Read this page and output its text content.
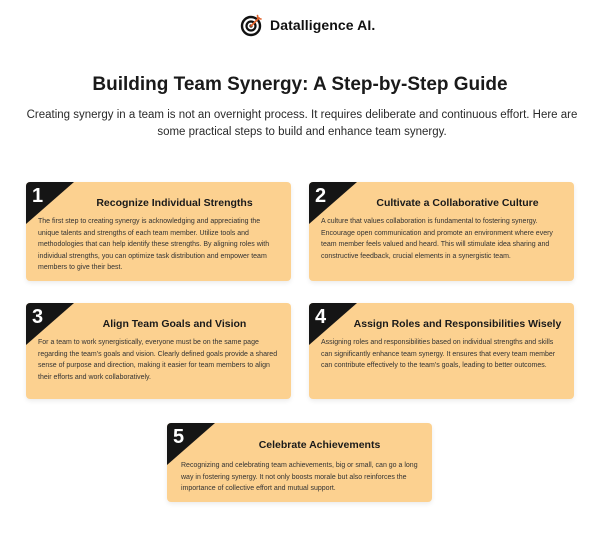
Datalligence AI.
Building Team Synergy: A Step-by-Step Guide

Creating synergy in a team is not an overnight process. It requires deliberate and continuous effort. Here are some practical steps to build and enhance team synergy.

1	Recognize Individual Strengths
The first step to creating synergy is acknowledging and appreciating the unique talents and strengths of each team member. Utilize tools and methodologies that can help identify these strengths. By aligning roles with individual strengths, you can optimize task distribution and empower team members to give their best.
2	Cultivate a Collaborative Culture
A culture that values collaboration is fundamental to fostering synergy. Encourage open communication and promote an environment where every team member feels valued and heard. This will stimulate idea sharing and constructive feedback, crucial elements in a synergistic team.
3	Align Team Goals and Vision
For a team to work synergistically, everyone must be on the same page regarding the team's goals and vision. Clearly defined goals provide a shared sense of purpose and direction, making it easier for team members to align their efforts and work collaboratively.
4	Assign Roles and Responsibilities Wisely
Assigning roles and responsibilities based on individual strengths and skills can significantly enhance team synergy. It ensures that every team member can contribute effectively to the team's goals, leading to better outcomes.
5	Celebrate Achievements
Recognizing and celebrating team achievements, big or small, can go a long way in fostering synergy. It not only boosts morale but also reinforces the importance of collective effort and mutual support.
